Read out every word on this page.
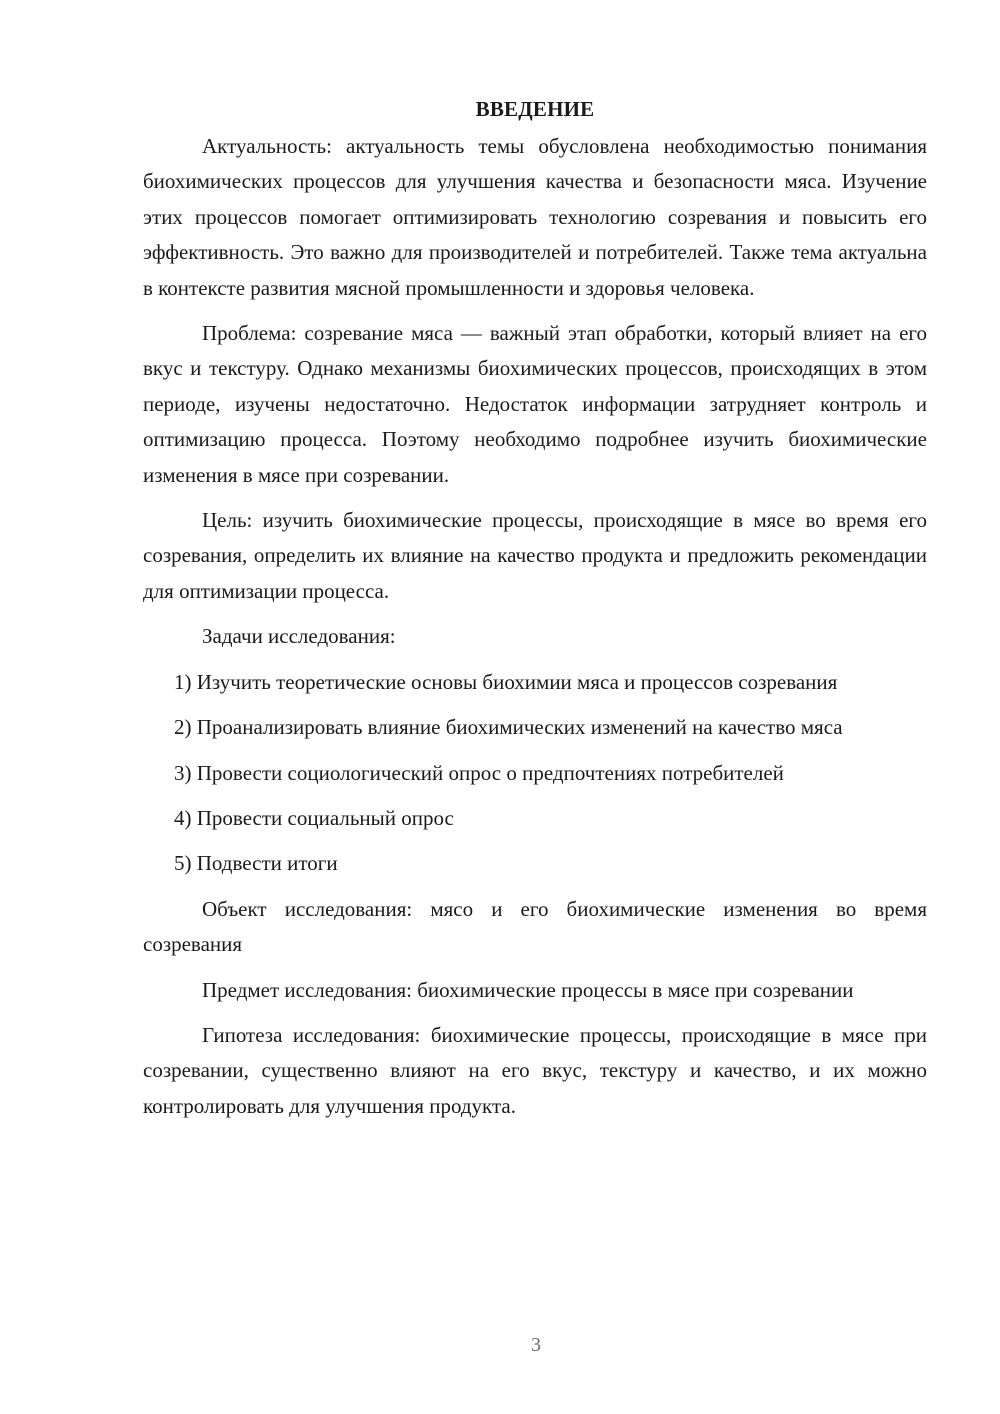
ВВЕДЕНИЕ

Актуальность: актуальность темы обусловлена необходимостью понимания биохимических процессов для улучшения качества и безопасности мяса. Изучение этих процессов помогает оптимизировать технологию созревания и повысить его эффективность. Это важно для производителей и потребителей. Также тема актуальна в контексте развития мясной промышленности и здоровья человека.

Проблема: созревание мяса — важный этап обработки, который влияет на его вкус и текстуру. Однако механизмы биохимических процессов, происходящих в этом периоде, изучены недостаточно. Недостаток информации затрудняет контроль и оптимизацию процесса. Поэтому необходимо подробнее изучить биохимические изменения в мясе при созревании.

Цель: изучить биохимические процессы, происходящие в мясе во время его созревания, определить их влияние на качество продукта и предложить рекомендации для оптимизации процесса.

Задачи исследования:

1) Изучить теоретические основы биохимии мяса и процессов созревания

2) Проанализировать влияние биохимических изменений на качество мяса

3) Провести социологический опрос о предпочтениях потребителей

4) Провести социальный опрос

5) Подвести итоги

Объект исследования: мясо и его биохимические изменения во время созревания

Предмет исследования: биохимические процессы в мясе при созревании

Гипотеза исследования: биохимические процессы, происходящие в мясе при созревании, существенно влияют на его вкус, текстуру и качество, и их можно контролировать для улучшения продукта.

3
